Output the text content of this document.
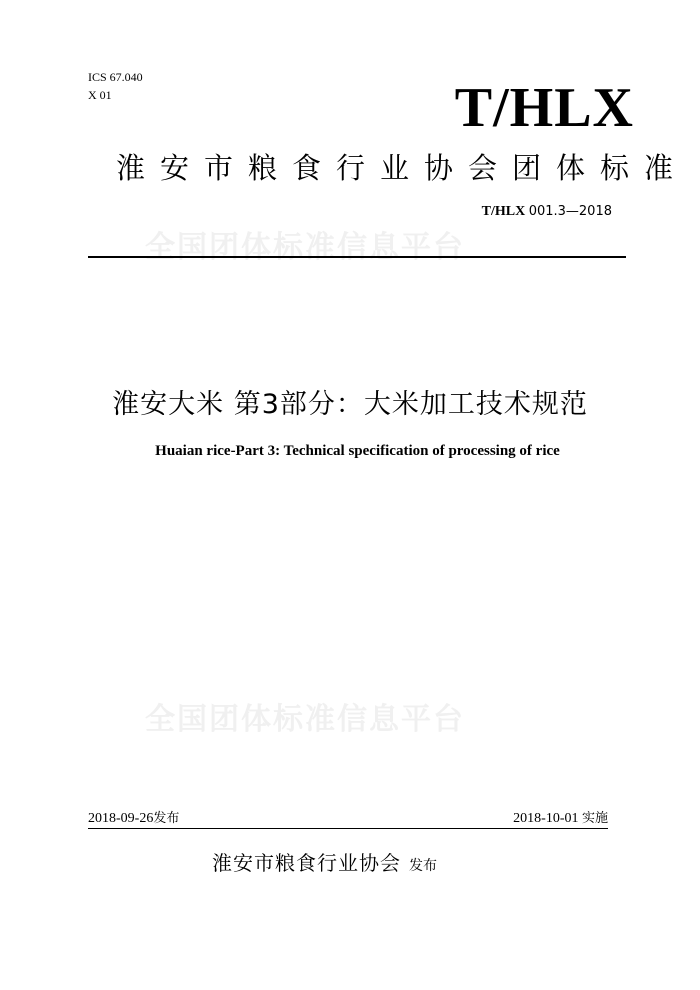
ICS 67.040
X 01	T/HLX
淮安市粮食行业协会团体标准
T/HLX 001.3—2018
全国团体标准信息平台
淮安大米 第3部分：大米加工技术规范
Huaian rice-Part 3: Technical specification of processing of rice
全国团体标准信息平台
2018-09-26发布	2018-10-01 实施
淮安市粮食行业协会 发布
